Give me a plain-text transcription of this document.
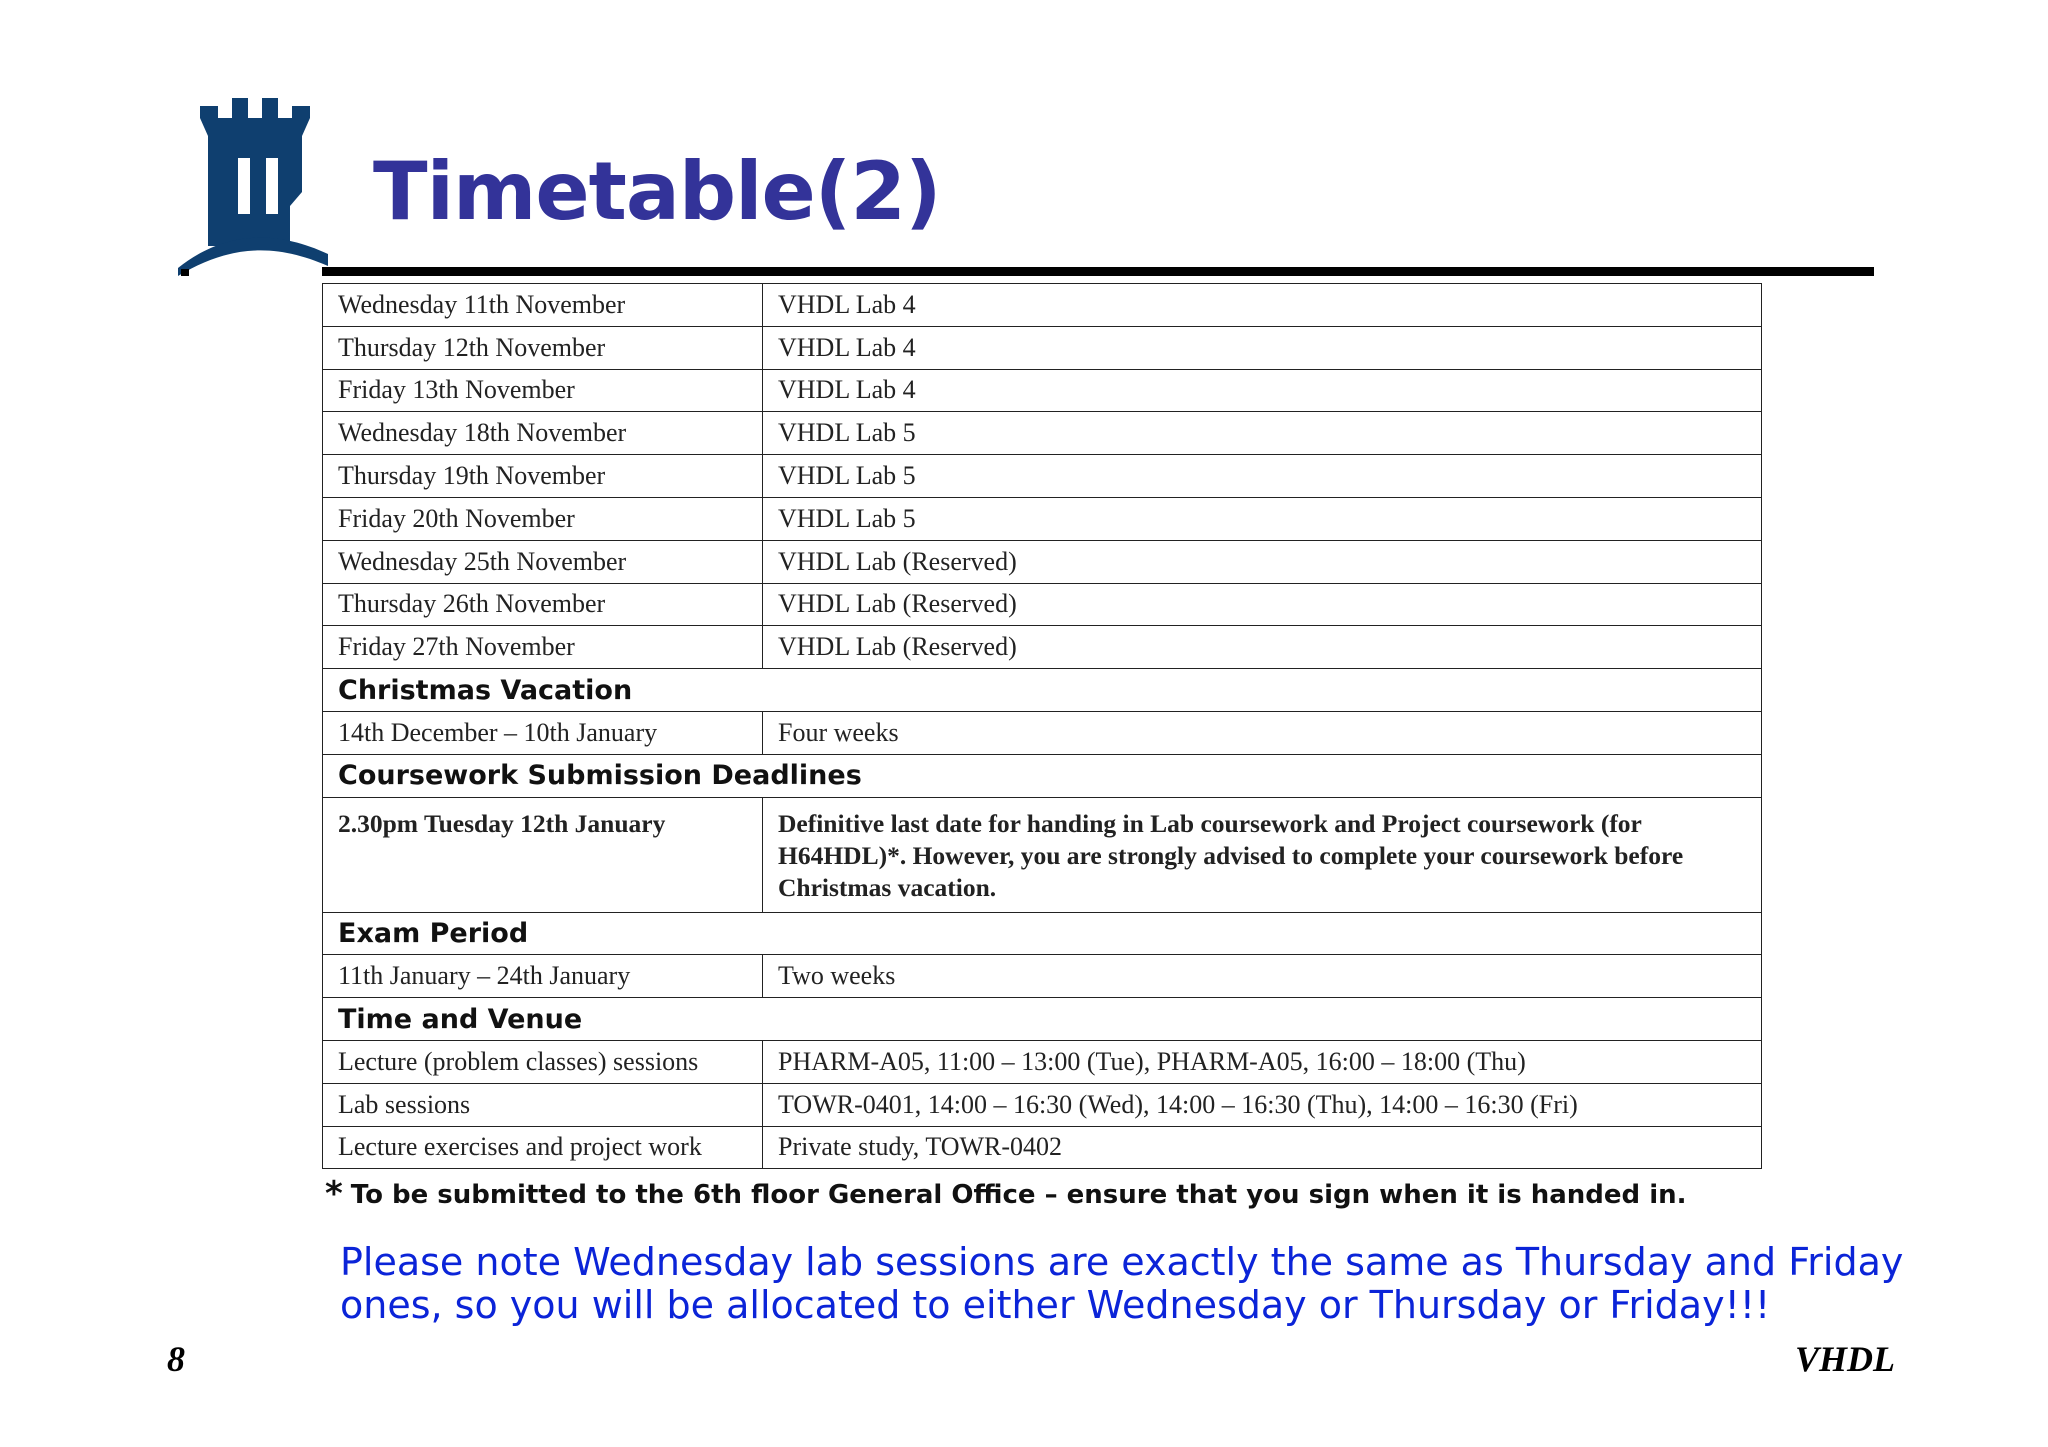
Timetable(2)
Wednesday 11th November	VHDL Lab 4
Thursday 12th November	VHDL Lab 4
Friday 13th November	VHDL Lab 4
Wednesday 18th November	VHDL Lab 5
Thursday 19th November	VHDL Lab 5
Friday 20th November	VHDL Lab 5
Wednesday 25th November	VHDL Lab (Reserved)
Thursday 26th November	VHDL Lab (Reserved)
Friday 27th November	VHDL Lab (Reserved)
Christmas Vacation	
14th December – 10th January	Four weeks
Coursework Submission Deadlines	
2.30pm Tuesday 12th January	Definitive last date for handing in Lab coursework and Project coursework (for H64HDL)*. However, you are strongly advised to complete your coursework before Christmas vacation.
Exam Period	
11th January – 24th January	Two weeks
Time and Venue	
Lecture (problem classes) sessions	PHARM-A05, 11:00 – 13:00 (Tue), PHARM-A05, 16:00 – 18:00 (Thu)
Lab sessions	TOWR-0401, 14:00 – 16:30 (Wed), 14:00 – 16:30 (Thu), 14:00 – 16:30 (Fri)
Lecture exercises and project work	Private study, TOWR-0402

* To be submitted to the 6th floor General Office – ensure that you sign when it is handed in.

Please note Wednesday lab sessions are exactly the same as Thursday and Friday
ones, so you will be allocated to either Wednesday or Thursday or Friday!!!

8	VHDL
